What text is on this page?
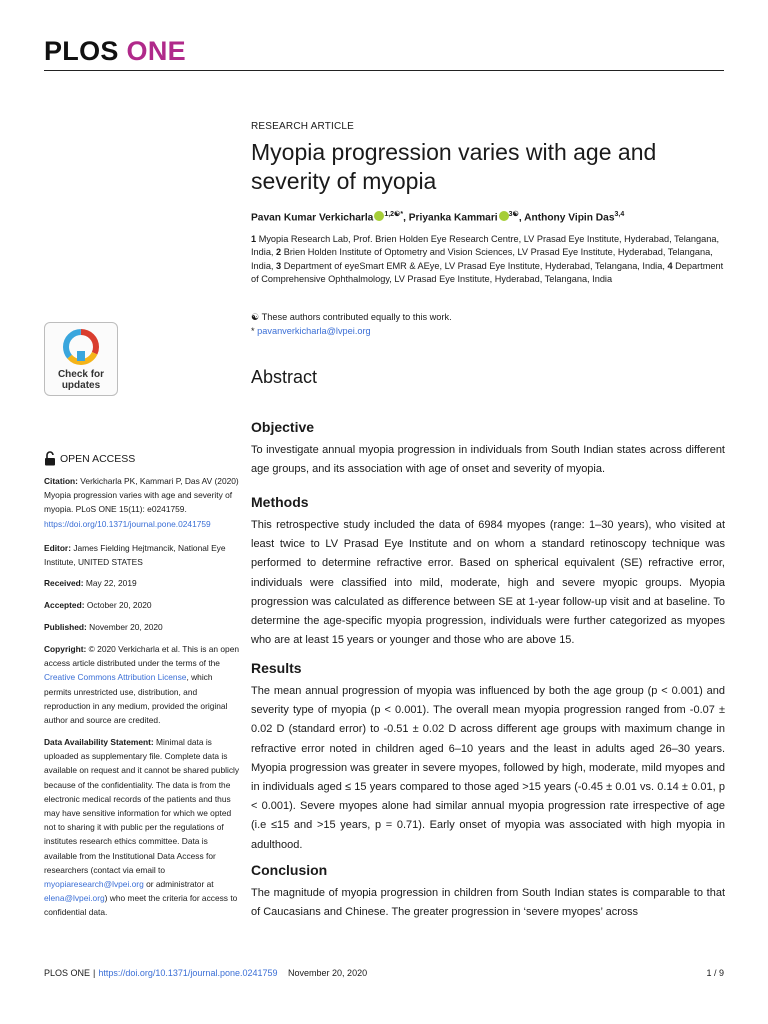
PLOS ONE
Check for
updates
OPEN ACCESS
Citation: Verkicharla PK, Kammari P, Das AV (2020) Myopia progression varies with age and severity of myopia. PLoS ONE 15(11): e0241759. https://doi.org/10.1371/journal.pone.0241759
Editor: James Fielding Hejtmancik, National Eye Institute, UNITED STATES
Received: May 22, 2019
Accepted: October 20, 2020
Published: November 20, 2020
Copyright: © 2020 Verkicharla et al. This is an open access article distributed under the terms of the Creative Commons Attribution License, which permits unrestricted use, distribution, and reproduction in any medium, provided the original author and source are credited.
Data Availability Statement: Minimal data is uploaded as supplementary file. Complete data is available on request and it cannot be shared publicly because of the confidentiality. The data is from the electronic medical records of the patients and thus may have sensitive information for which we opted not to sharing it with public per the regulations of institutes research ethics committee. Data is available from the Institutional Data Access for researchers (contact via email to myopiaresearch@lvpei.org or administrator at elena@lvpei.org) who meet the criteria for access to confidential data.
RESEARCH ARTICLE
Myopia progression varies with age and severity of myopia
Pavan Kumar Verkicharla $^{1,2☯*}$, Priyanka Kammari $^{3☯}$, Anthony Vipin Das$^{3,4}$
1 Myopia Research Lab, Prof. Brien Holden Eye Research Centre, LV Prasad Eye Institute, Hyderabad, Telangana, India, 2 Brien Holden Institute of Optometry and Vision Sciences, LV Prasad Eye Institute, Hyderabad, Telangana, India, 3 Department of eyeSmart EMR & AEye, LV Prasad Eye Institute, Hyderabad, Telangana, India, 4 Department of Comprehensive Ophthalmology, LV Prasad Eye Institute, Hyderabad, Telangana, India
☯ These authors contributed equally to this work.
* pavanverkicharla@lvpei.org
Abstract
Objective

To investigate annual myopia progression in individuals from South Indian states across different age groups, and its association with age of onset and severity of myopia.

Methods

This retrospective study included the data of 6984 myopes (range: 1–30 years), who visited at least twice to LV Prasad Eye Institute and on whom a standard retinoscopy technique was performed to determine refractive error. Based on spherical equivalent (SE) refractive error, individuals were classified into mild, moderate, high and severe myopic groups. Myopia progression was calculated as difference between SE at 1-year follow-up visit and at baseline. To determine the age-specific myopia progression, individuals were further categorized as myopes who are at least 15 years or younger and those who are above 15.

Results

The mean annual progression of myopia was influenced by both the age group (p < 0.001) and severity type of myopia (p < 0.001). The overall mean myopia progression ranged from -0.07 ± 0.02 D (standard error) to -0.51 ± 0.02 D across different age groups with maximum change in refractive error noted in children aged 6–10 years and the least in adults aged 26–30 years. Myopia progression was greater in severe myopes, followed by high, moderate, mild myopes and in individuals aged ≤ 15 years compared to those aged >15 years (-0.45 ± 0.01 vs. 0.14 ± 0.01, p < 0.001). Severe myopes alone had similar annual myopia progression rate irrespective of age (i.e ≤15 and >15 years, p = 0.71). Early onset of myopia was associated with high myopia in adulthood.

Conclusion

The magnitude of myopia progression in children from South Indian states is comparable to that of Caucasians and Chinese. The greater progression in ‘severe myopes’ across

PLOS ONE | https://doi.org/10.1371/journal.pone.0241759 November 20, 2020	1 / 9
